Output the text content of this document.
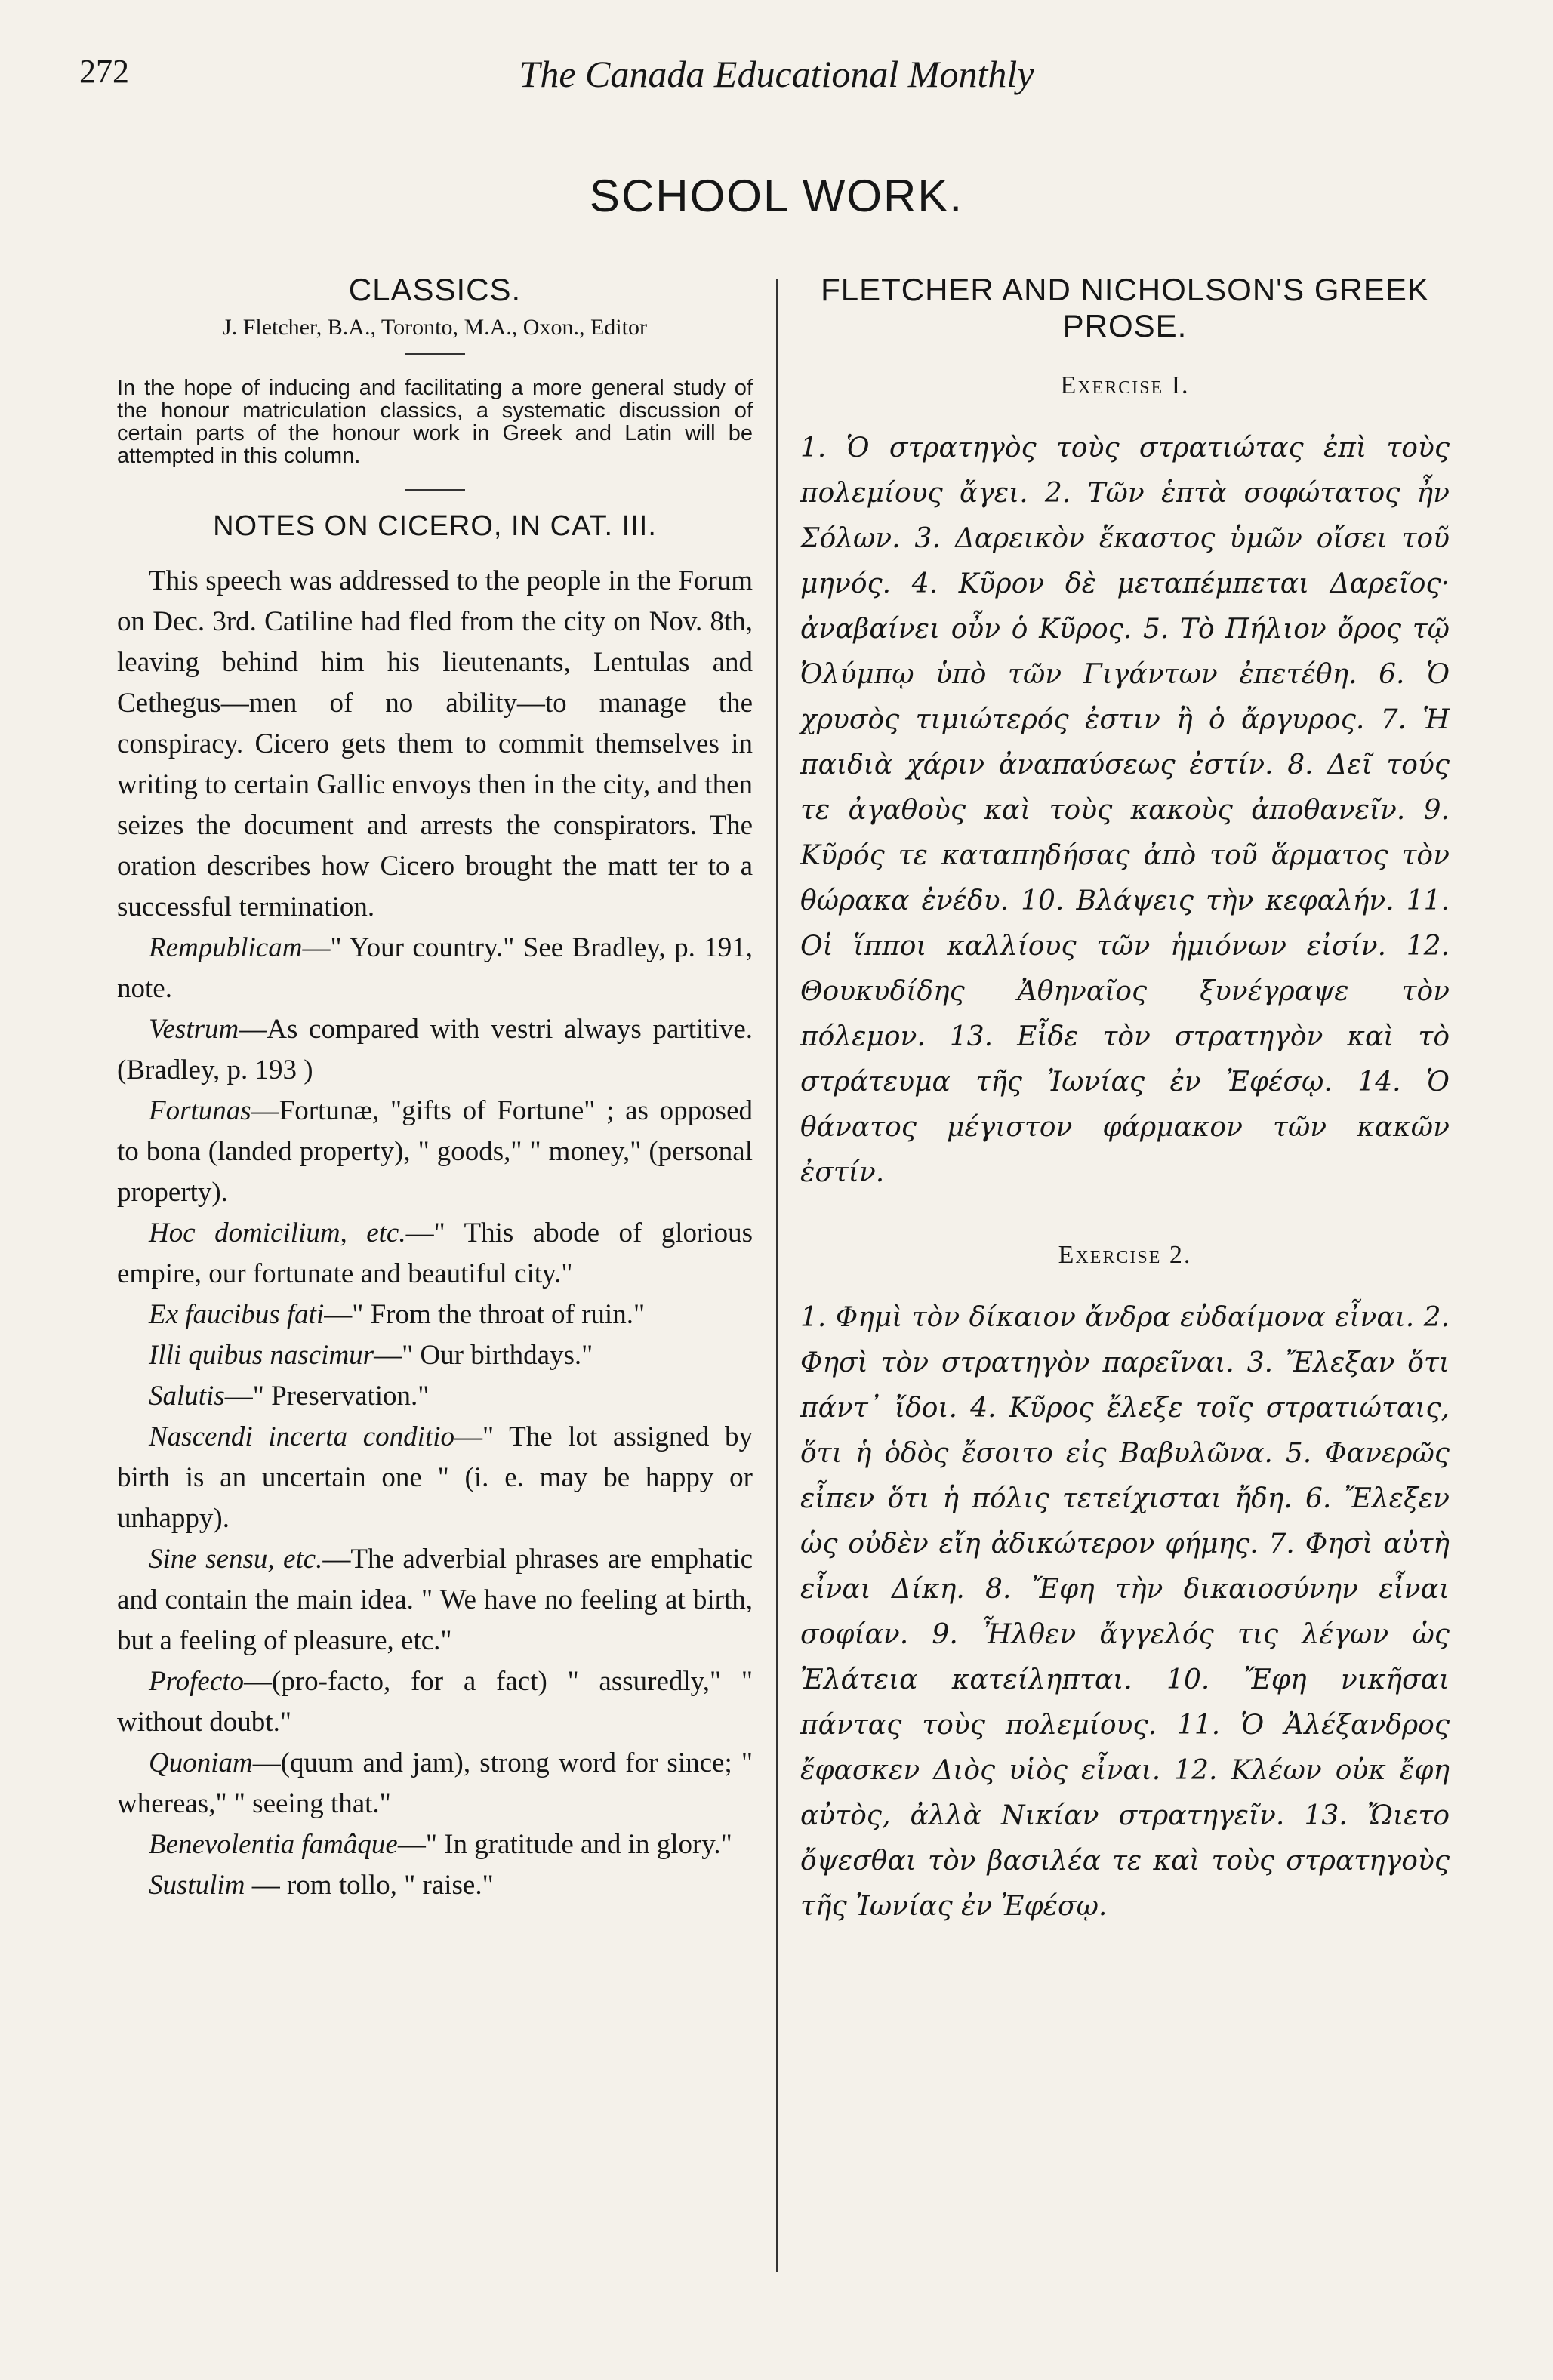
272	The Canada Educational Monthly
SCHOOL WORK.
CLASSICS.
J. Fletcher, B.A., Toronto, M.A., Oxon., Editor

In the hope of inducing and facilitating a more general study of the honour matriculation classics, a systematic discussion of certain parts of the honour work in Greek and Latin will be attempted in this column.

NOTES ON CICERO, IN CAT. III.

This speech was addressed to the people in the Forum on Dec. 3rd. Catiline had fled from the city on Nov. 8th, leaving behind him his lieutenants, Lentulas and Cethegus—men of no ability—to manage the conspiracy. Cicero gets them to commit themselves in writing to certain Gallic envoys then in the city, and then seizes the document and arrests the conspirators. The oration describes how Cicero brought the matt ter to a successful termination.

Rempublicam—" Your country." See Bradley, p. 191, note.

Vestrum—As compared with vestri always partitive. (Bradley, p. 193 )

Fortunas—Fortunæ, "gifts of Fortune" ; as opposed to bona (landed property), " goods," " money," (personal property).

Hoc domicilium, etc.—" This abode of glorious empire, our fortunate and beautiful city."

Ex faucibus fati—" From the throat of ruin."

Illi quibus nascimur—" Our birthdays."

Salutis—" Preservation."

Nascendi incerta conditio—" The lot assigned by birth is an uncertain one " (i. e. may be happy or unhappy).

Sine sensu, etc.—The adverbial phrases are emphatic and contain the main idea. " We have no feeling at birth, but a feeling of pleasure, etc."

Profecto—(pro-facto, for a fact) " assuredly," " without doubt."

Quoniam—(quum and jam), strong word for since; " whereas," " seeing that."

Benevolentia famâque—" In gratitude and in glory."

Sustulim — rom tollo, " raise."

FLETCHER AND NICHOLSON'S GREEK PROSE.
Exercise I.

1. Ὁ στρατηγὸς τοὺς στρατιώτας ἐπὶ τοὺς πολεμίους ἄγει. 2. Τῶν ἑπτὰ σοφώτατος ἦν Σόλων. 3. Δαρεικὸν ἕκαστος ὑμῶν οἴσει τοῦ μηνός. 4. Κῦρον δὲ μεταπέμπεται Δαρεῖος· ἀναβαίνει οὖν ὁ Κῦρος. 5. Τὸ Πήλιον ὄρος τῷ Ὀλύμπῳ ὑπὸ τῶν Γιγάντων ἐπετέθη. 6. Ὁ χρυσὸς τιμιώτερός ἐστιν ἢ ὁ ἄργυρος. 7. Ἡ παιδιὰ χάριν ἀναπαύσεως ἐστίν. 8. Δεῖ τούς τε ἀγαθοὺς καὶ τοὺς κακοὺς ἀποθανεῖν. 9. Κῦρός τε καταπηδήσας ἀπὸ τοῦ ἅρματος τὸν θώρακα ἐνέδυ. 10. Βλάψεις τὴν κεφαλήν. 11. Οἱ ἵπποι καλλίους τῶν ἡμιόνων εἰσίν. 12. Θουκυδίδης Ἀθηναῖος ξυνέγραψε τὸν πόλεμον. 13. Εἶδε τὸν στρατηγὸν καὶ τὸ στράτευμα τῆς Ἰωνίας ἐν Ἐφέσῳ. 14. Ὁ θάνατος μέγιστον φάρμακον τῶν κακῶν ἐστίν.

Exercise 2.

1. Φημὶ τὸν δίκαιον ἄνδρα εὐδαίμονα εἶναι. 2. Φησὶ τὸν στρατηγὸν παρεῖναι. 3. Ἔλεξαν ὅτι πάντ᾽ ἴδοι. 4. Κῦρος ἔλεξε τοῖς στρατιώταις, ὅτι ἡ ὁδὸς ἔσοιτο εἰς Βαβυλῶνα. 5. Φανερῶς εἶπεν ὅτι ἡ πόλις τετείχισται ἤδη. 6. Ἔλεξεν ὡς οὐδὲν εἴη ἀδικώτερον φήμης. 7. Φησὶ αὐτὴ εἶναι Δίκη. 8. Ἔφη τὴν δικαιοσύνην εἶναι σοφίαν. 9. Ἦλθεν ἄγγελός τις λέγων ὡς Ἐλάτεια κατείληπται. 10. Ἔφη νικῆσαι πάντας τοὺς πολεμίους. 11. Ὁ Ἀλέξανδρος ἔφασκεν Διὸς υἱὸς εἶναι. 12. Κλέων οὐκ ἔφη αὐτὸς, ἀλλὰ Νικίαν στρατηγεῖν. 13. Ὤιετο ὄψεσθαι τὸν βασιλέα τε καὶ τοὺς στρατηγοὺς τῆς Ἰωνίας ἐν Ἐφέσῳ.
